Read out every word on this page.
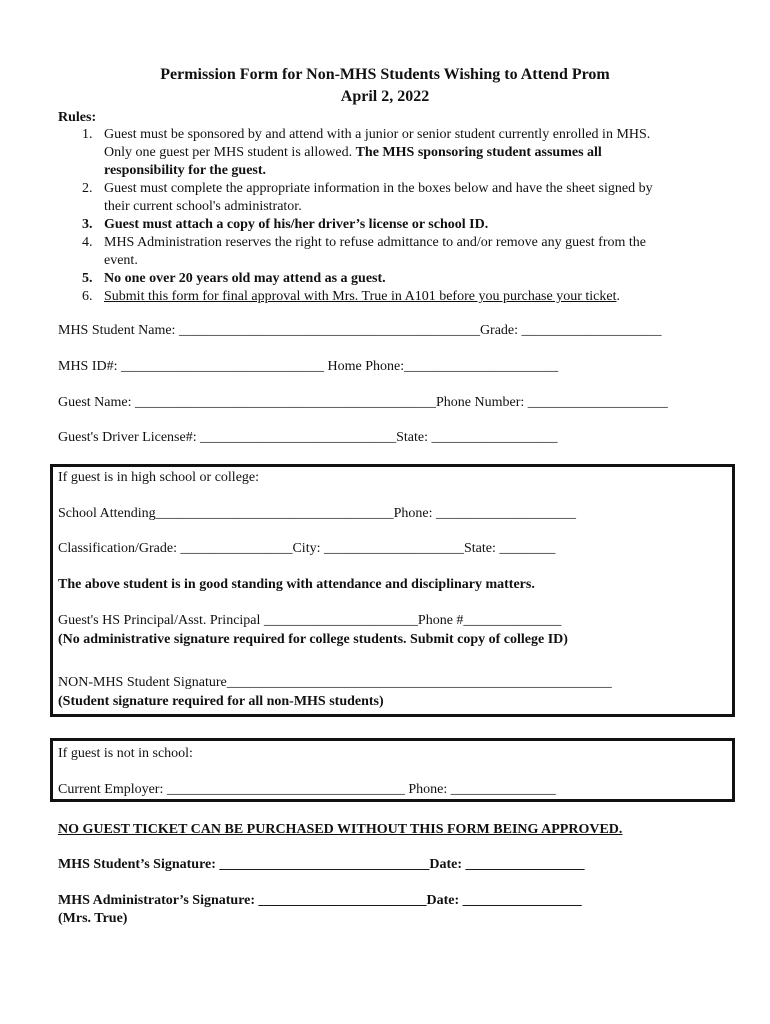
Permission Form for Non-MHS Students Wishing to Attend Prom
April 2, 2022
Rules:
1. Guest must be sponsored by and attend with a junior or senior student currently enrolled in MHS.
Only one guest per MHS student is allowed. The MHS sponsoring student assumes all
responsibility for the guest.
2. Guest must complete the appropriate information in the boxes below and have the sheet signed by
their current school's administrator.
3. Guest must attach a copy of his/her driver’s license or school ID.
4. MHS Administration reserves the right to refuse admittance to and/or remove any guest from the
event.
5. No one over 20 years old may attend as a guest.
6. Submit this form for final approval with Mrs. True in A101 before you purchase your ticket.
MHS Student Name: ___________________________________________Grade: ____________________
MHS ID#: _____________________________ Home Phone:______________________
Guest Name: ___________________________________________Phone Number: ____________________
Guest's Driver License#: ____________________________State: __________________
If guest is in high school or college:
School Attending__________________________________Phone: ____________________
Classification/Grade: ________________City: ____________________State: ________
The above student is in good standing with attendance and disciplinary matters.
Guest's HS Principal/Asst. Principal ______________________Phone #______________
(No administrative signature required for college students. Submit copy of college ID)
NON-MHS Student Signature_______________________________________________________
(Student signature required for all non-MHS students)
If guest is not in school:
Current Employer: __________________________________ Phone: _______________
NO GUEST TICKET CAN BE PURCHASED WITHOUT THIS FORM BEING APPROVED.
MHS Student’s Signature: ______________________________Date: _________________
MHS Administrator’s Signature: ________________________Date: _________________
(Mrs. True)
